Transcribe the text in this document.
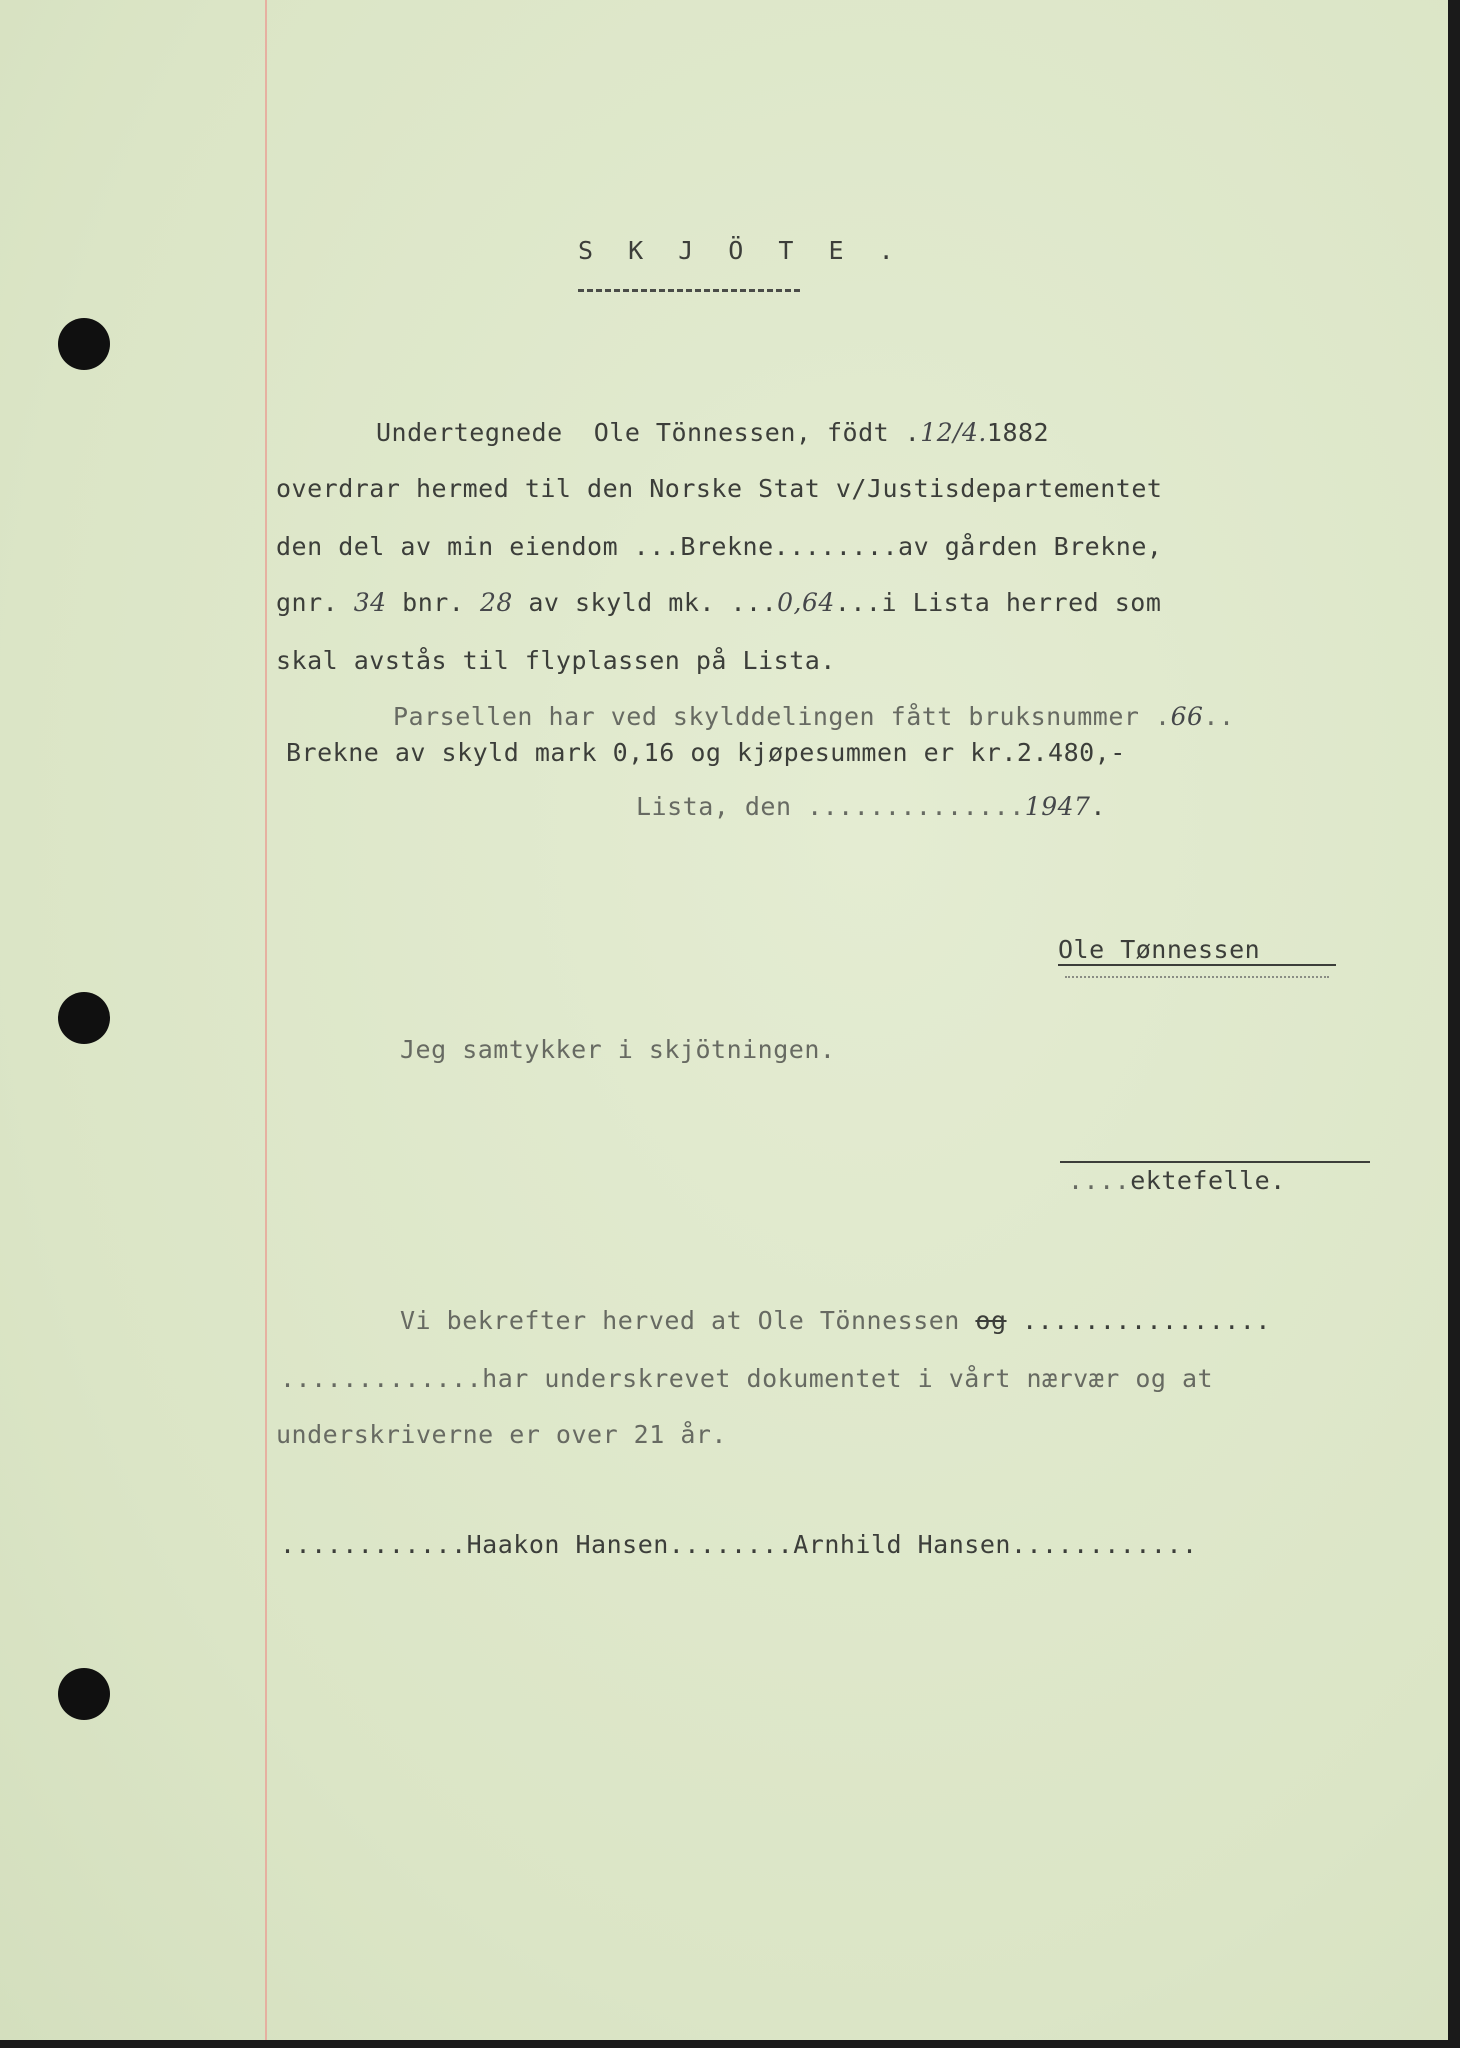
S K J Ö T E .
Undertegnede  Ole Tönnessen, födt .12/4.1882
overdrar hermed til den Norske Stat v/Justisdepartementet
den del av min eiendom ...Brekne........av gården Brekne,
gnr. 34 bnr. 28 av skyld mk. ...0,64...i Lista herred som
skal avstås til flyplassen på Lista.
Parsellen har ved skylddelingen fått bruksnummer .66..
Brekne av skyld mark 0,16 og kjøpesummen er kr.2.480,-
Lista, den ..............1947.
Ole Tønnessen
Jeg samtykker i skjötningen.
....ektefelle.
Vi bekrefter herved at Ole Tönnessen og ................
.............har underskrevet dokumentet i vårt nærvær og at
underskriverne er over 21 år.
............Haakon Hansen........Arnhild Hansen............
